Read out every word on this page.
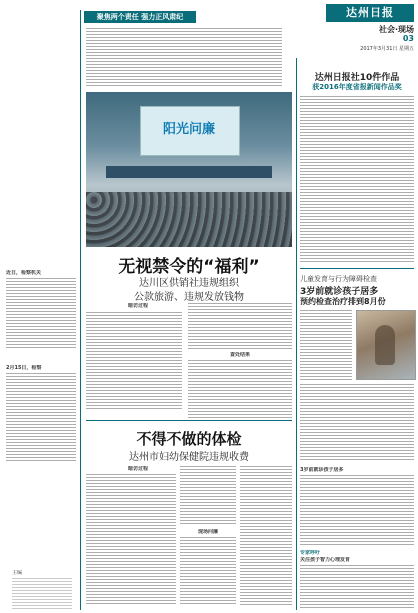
达州日报
社会·现场
03
2017年3月31日 星期五
聚焦两个责任 强力正风肃纪
近日，检察机关
2月15日，检察
主编
阳光问廉
无视禁令的“福利”
达川区供销社违规组织
公款旅游、违规发放钱物
暗访过程
查处结果
不得不做的体检
达州市妇幼保健院违规收费
暗访过程
现场问廉
达州日报社10件作品
获2016年度省报新闻作品奖
儿童发育与行为障碍检查
3岁前就诊孩子居多
预约检查治疗排到8月份
3岁前就诊孩子居多
专家呼吁
关注孩子智力心理发育
